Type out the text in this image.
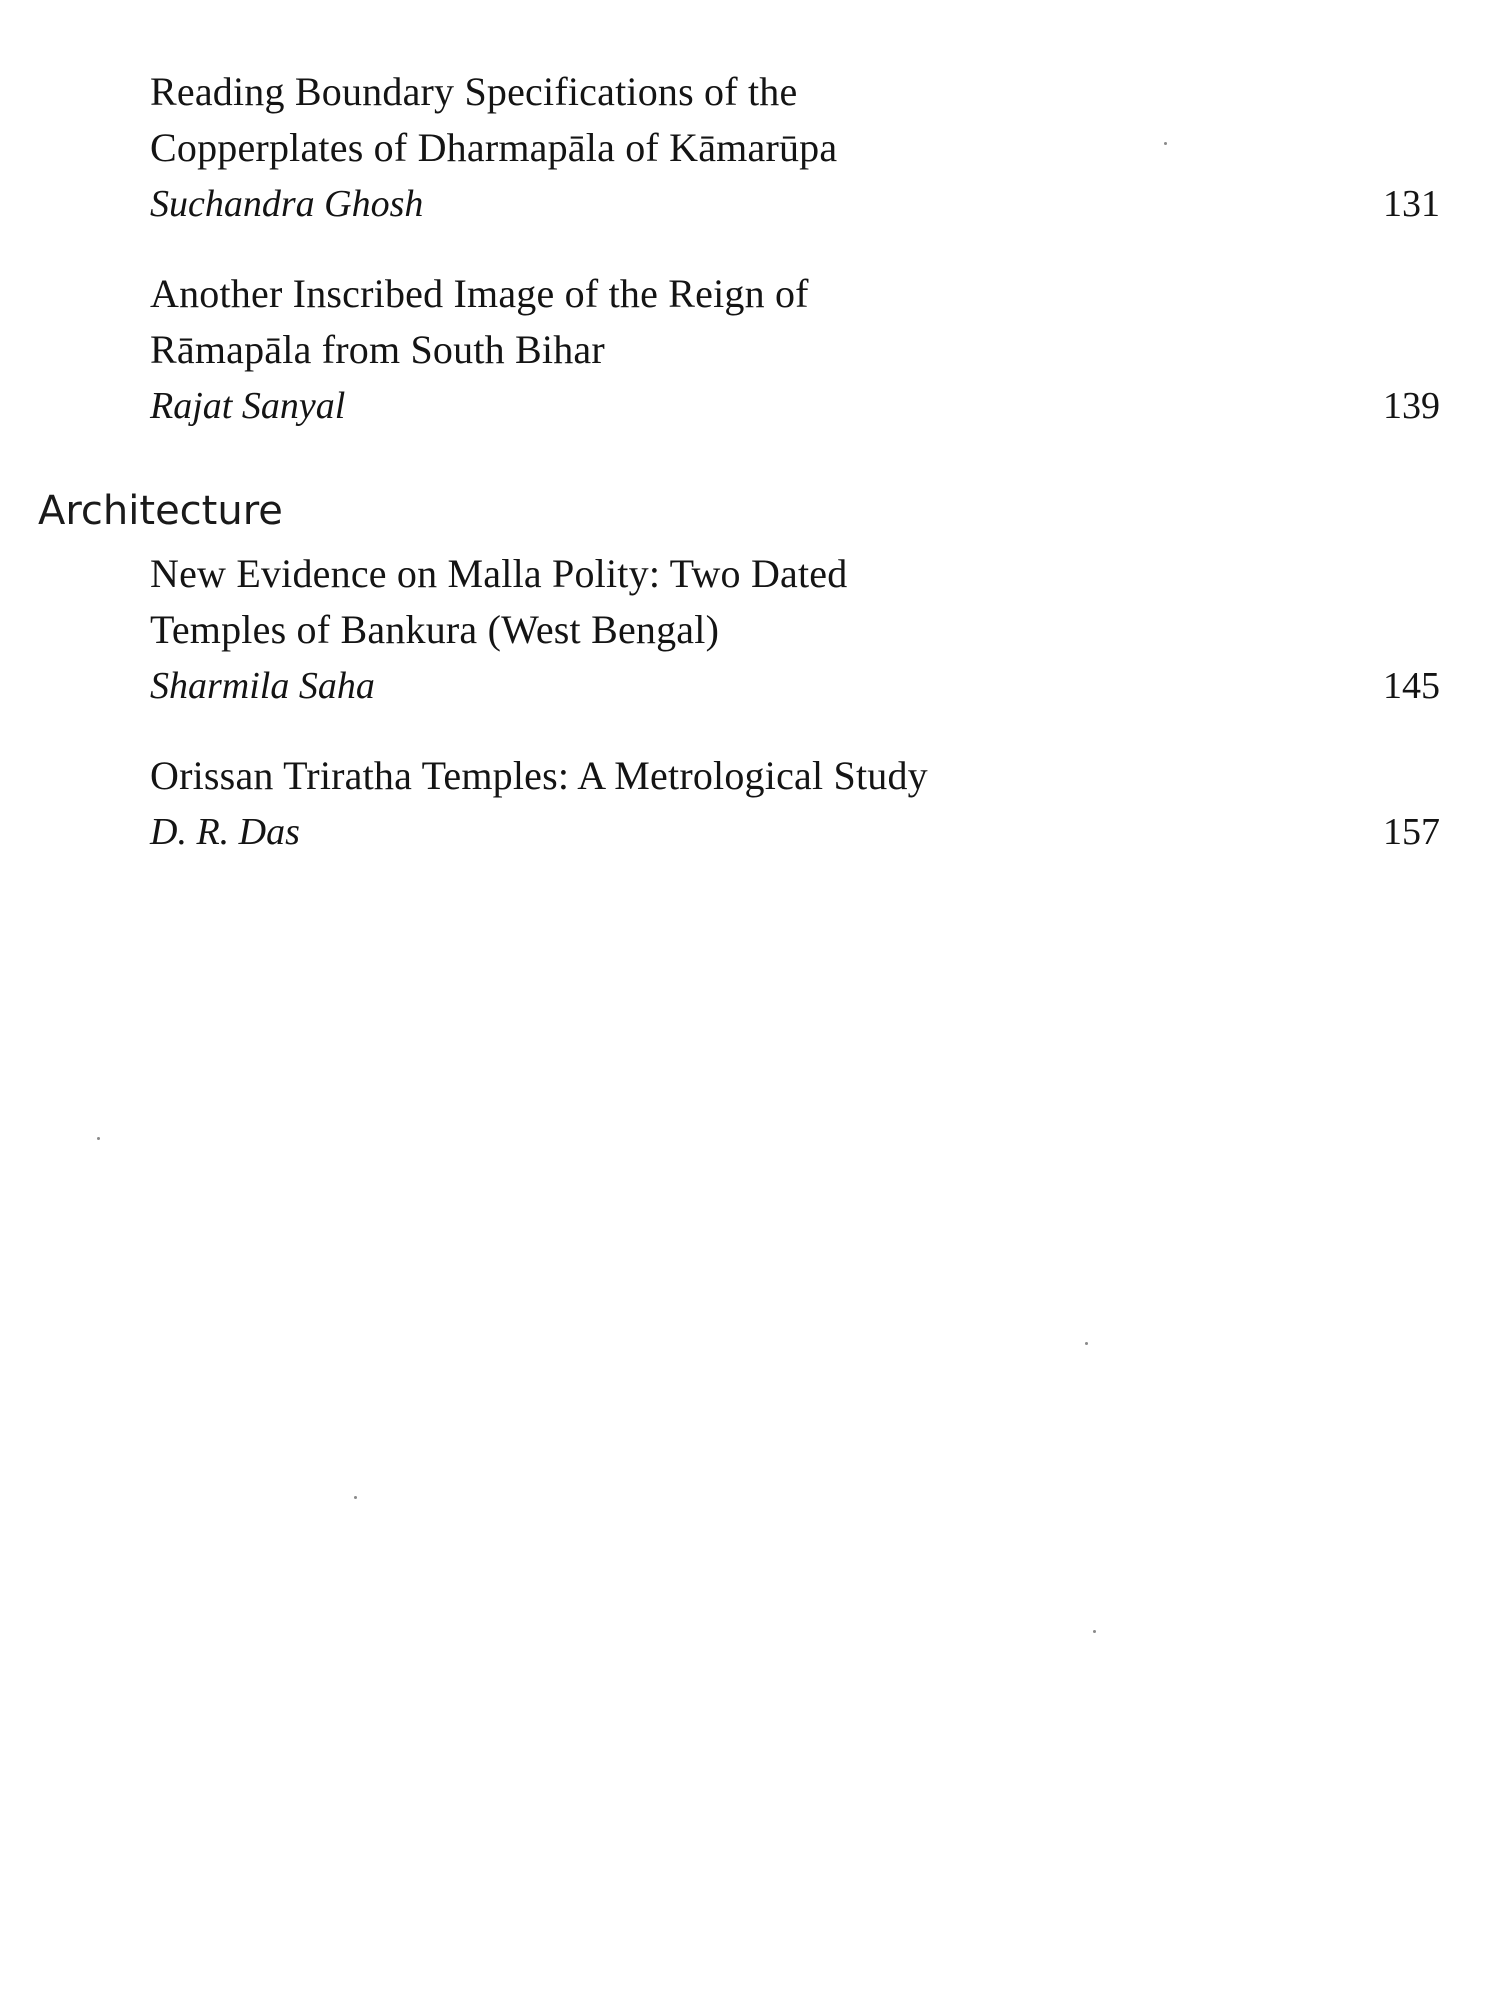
Reading Boundary Specifications of the
Copperplates of Dharmapāla of Kāmarūpa
Suchandra Ghosh	131
Another Inscribed Image of the Reign of
Rāmapāla from South Bihar
Rajat Sanyal	139
Architecture
New Evidence on Malla Polity: Two Dated
Temples of Bankura (West Bengal)
Sharmila Saha	145
Orissan Triratha Temples: A Metrological Study
D. R. Das	157
